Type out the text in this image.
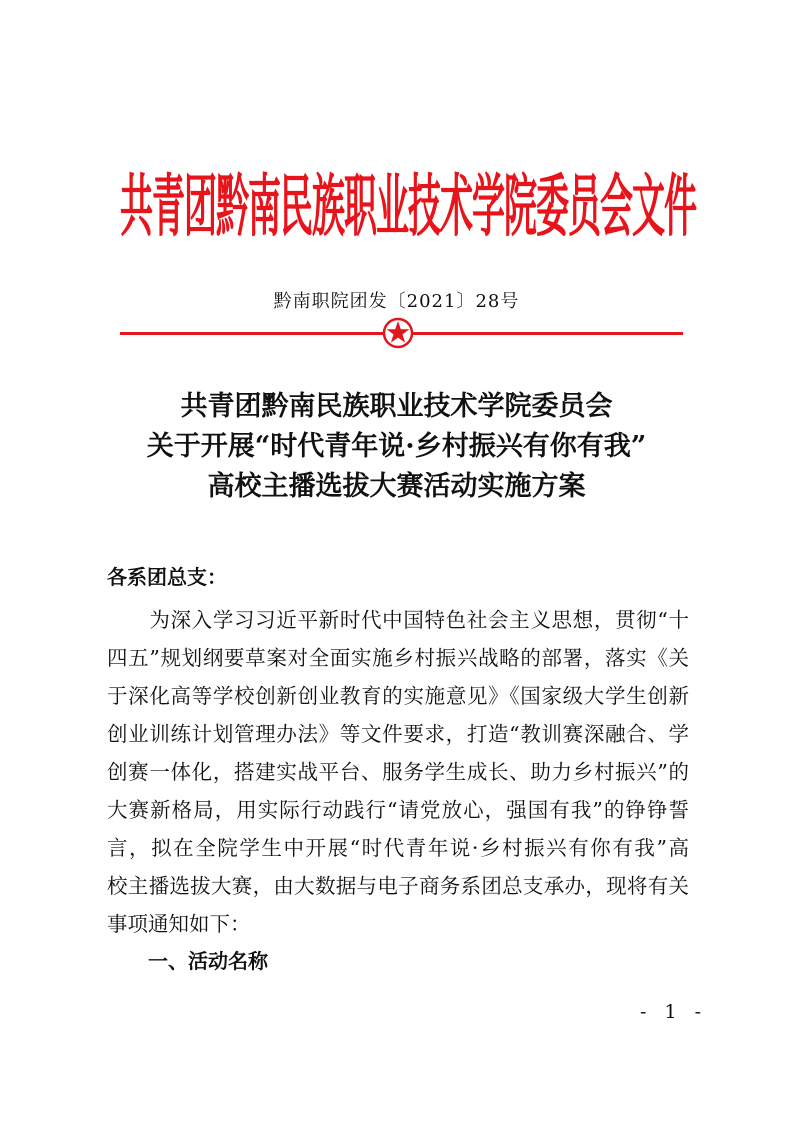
共青团黔南民族职业技术学院委员会文件
黔南职院团发〔2021〕28号
共青团黔南民族职业技术学院委员会
关于开展“时代青年说·乡村振兴有你有我”
高校主播选拔大赛活动实施方案
各系团总支：
　　为深入学习习近平新时代中国特色社会主义思想，贯彻“十
四五”规划纲要草案对全面实施乡村振兴战略的部署，落实《关
于深化高等学校创新创业教育的实施意见》《国家级大学生创新
创业训练计划管理办法》等文件要求，打造“教训赛深融合、学
创赛一体化，搭建实战平台、服务学生成长、助力乡村振兴”的
大赛新格局，用实际行动践行“请党放心，强国有我”的铮铮誓
言，拟在全院学生中开展“时代青年说·乡村振兴有你有我”高
校主播选拔大赛，由大数据与电子商务系团总支承办，现将有关
事项通知如下：
一、活动名称
- 1 -
